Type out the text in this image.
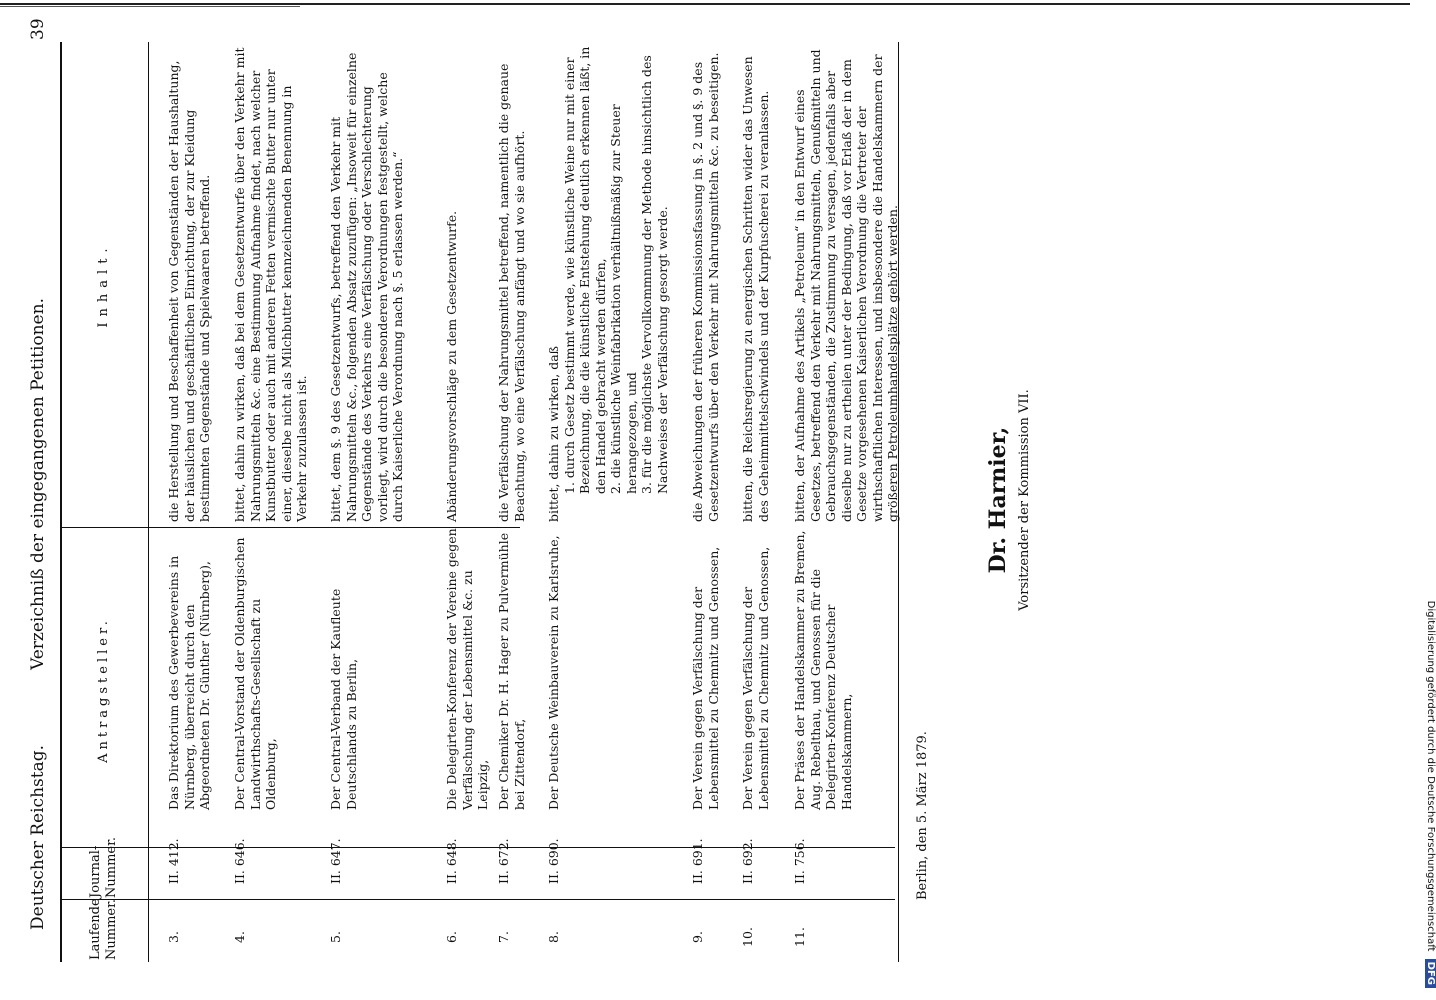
Deutscher Reichstag.
Verzeichniß der eingegangenen Petitionen.
39
Laufende Nummer.
Journal-Nummer.
Antragsteller.
Inhalt.
3.
II. 412.
Das Direktorium des Gewerbevereins in Nürnberg, überreicht durch den Abgeordneten Dr. Günther (Nürnberg),
die Herstellung und Beschaffenheit von Gegenständen der Haushaltung, der häuslichen und geschäftlichen Einrichtung, der zur Kleidung bestimmten Gegenstände und Spielwaaren betreffend.
4.
II. 646.
Der Central-Vorstand der Oldenburgischen Landwirthschafts-Gesellschaft zu Oldenburg,
bittet, dahin zu wirken, daß bei dem Gesetzentwurfe über den Verkehr mit Nahrungsmitteln &c. eine Bestimmung Aufnahme findet, nach welcher Kunstbutter oder auch mit anderen Fetten vermischte Butter nur unter einer, dieselbe nicht als Milchbutter kennzeichnenden Benennung in Verkehr zuzulassen ist.
5.
II. 647.
Der Central-Verband der Kaufleute Deutschlands zu Berlin,
bittet, dem §. 9 des Gesetzentwurfs, betreffend den Verkehr mit Nahrungsmitteln &c., folgenden Absatz zuzufügen: „Insoweit für einzelne Gegenstände des Verkehrs eine Verfälschung oder Verschlechterung vorliegt, wird durch die besonderen Verordnungen festgestellt, welche durch Kaiserliche Verordnung nach §. 5 erlassen werden.“
6.
II. 648.
Die Delegirten-Konferenz der Vereine gegen Verfälschung der Lebensmittel &c. zu Leipzig,
Abänderungsvorschläge zu dem Gesetzentwurfe.
7.
II. 672.
Der Chemiker Dr. H. Hager zu Pulvermühle bei Zittendorf,
die Verfälschung der Nahrungsmittel betreffend, namentlich die genaue Beachtung, wo eine Verfälschung anfängt und wo sie aufhört.
8.
II. 690.
Der Deutsche Weinbauverein zu Karlsruhe,
bittet, dahin zu wirken, daß 1. durch Gesetz bestimmt werde, wie künstliche Weine nur mit einer Bezeichnung, die die künstliche Entstehung deutlich erkennen läßt, in den Handel gebracht werden dürfen, 2. die künstliche Weinfabrikation verhältnißmäßig zur Steuer herangezogen, und 3. für die möglichste Vervollkommnung der Methode hinsichtlich des Nachweises der Verfälschung gesorgt werde.
9.
II. 691.
Der Verein gegen Verfälschung der Lebensmittel zu Chemnitz und Genossen,
die Abweichungen der früheren Kommissionsfassung in §. 2 und §. 9 des Gesetzentwurfs über den Verkehr mit Nahrungsmitteln &c. zu beseitigen.
10.
II. 692.
Der Verein gegen Verfälschung der Lebensmittel zu Chemnitz und Genossen,
bitten, die Reichsregierung zu energischen Schritten wider das Unwesen des Geheimmittelschwindels und der Kurpfuscherei zu veranlassen.
11.
II. 756.
Der Präses der Handelskammer zu Bremen, Aug. Rebelthau, und Genossen für die Delegirten-Konferenz Deutscher Handelskammern,
bitten, der Aufnahme des Artikels „Petroleum“ in den Entwurf eines Gesetzes, betreffend den Verkehr mit Nahrungsmitteln, Genußmitteln und Gebrauchsgegenständen, die Zustimmung zu versagen, jedenfalls aber dieselbe nur zu ertheilen unter der Bedingung, daß vor Erlaß der in dem Gesetze vorgesehenen Kaiserlichen Verordnung die Vertreter der wirthschaftlichen Interessen, und insbesondere die Handelskammern der größeren Petroleumhandelsplätze gehört werden.
Berlin, den 5. März 1879.
Dr. Harnier, Vorsitzender der Kommission VII.
Digitalisierung gefördert durch die Deutsche Forschungsgemeinschaft DFG
